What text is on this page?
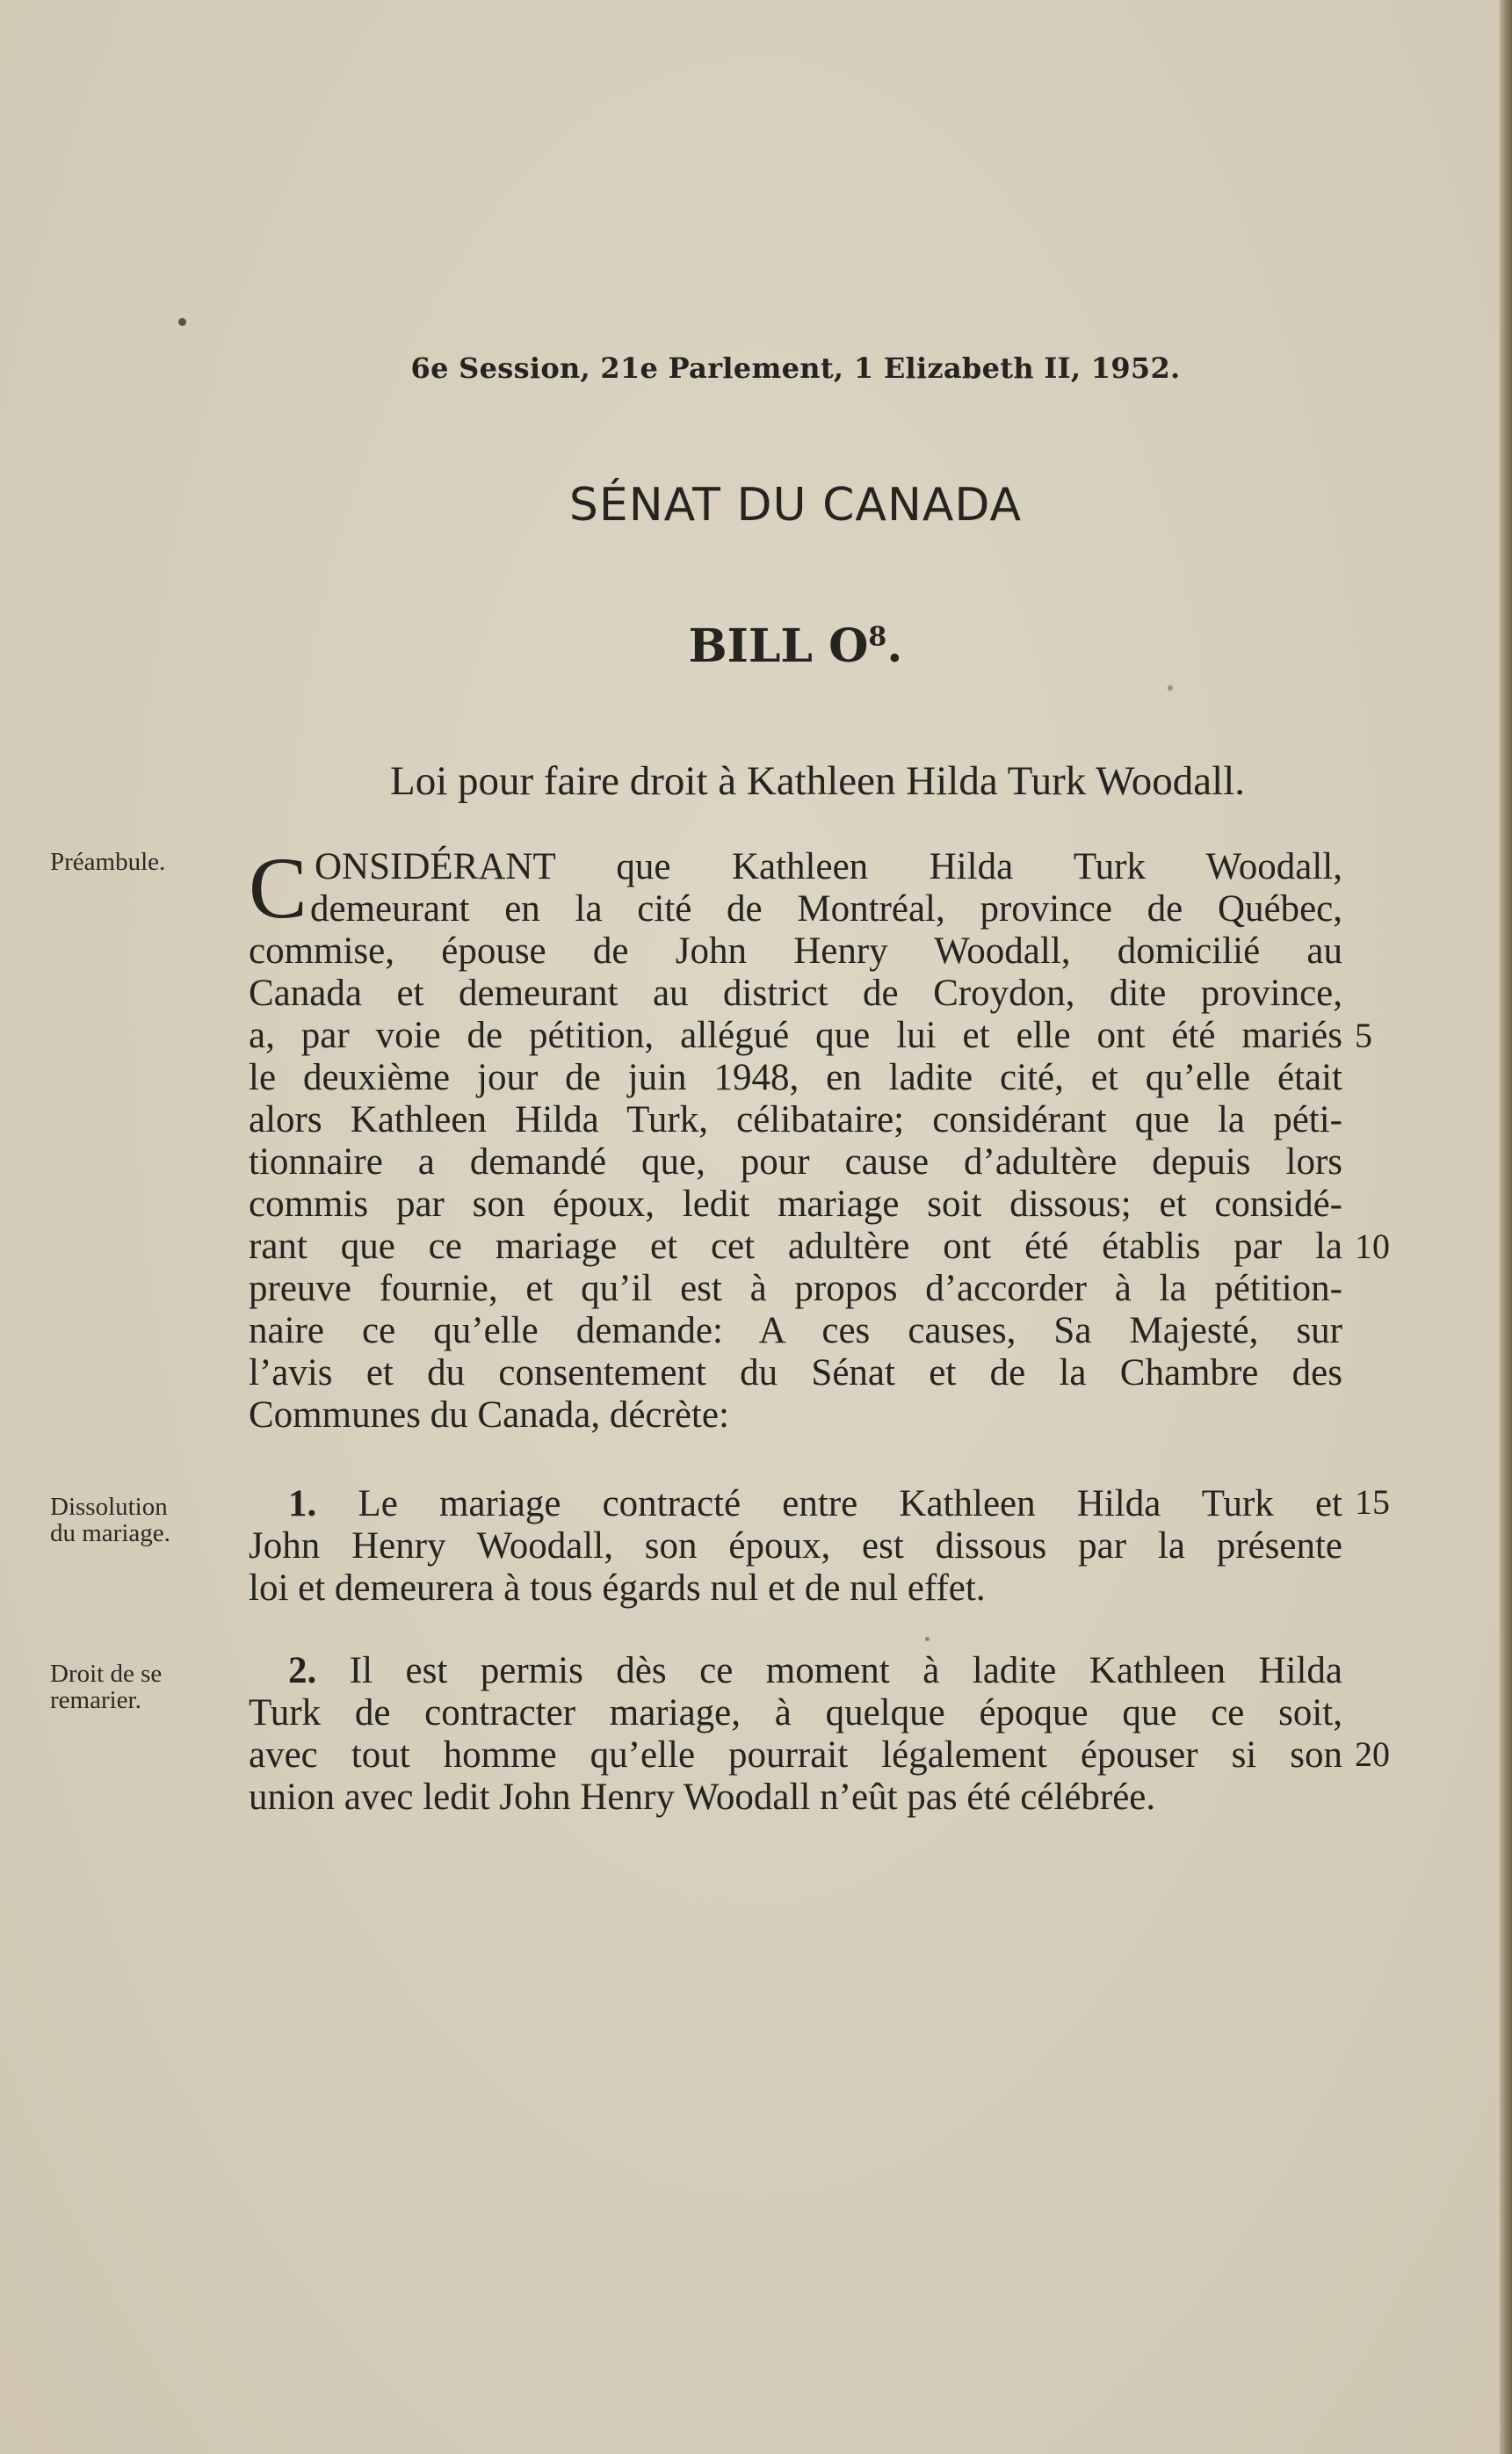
6e Session, 21e Parlement, 1 Elizabeth II, 1952.
SÉNAT DU CANADA
BILL $O^8$.
Loi pour faire droit à Kathleen Hilda Turk Woodall.
Préambule. C ONSIDÉRANT que Kathleen Hilda Turk Woodall,
demeurant en la cité de Montréal, province de Québec,
commise, épouse de John Henry Woodall, domicilié au
Canada et demeurant au district de Croydon, dite province,
a, par voie de pétition, allégué que lui et elle ont été mariés
le deuxième jour de juin 1948, en ladite cité, et qu’elle était
alors Kathleen Hilda Turk, célibataire; considérant que la péti-
tionnaire a demandé que, pour cause d’adultère depuis lors
commis par son époux, ledit mariage soit dissous; et considé-
rant que ce mariage et cet adultère ont été établis par la
preuve fournie, et qu’il est à propos d’accorder à la pétition-
naire ce qu’elle demande: A ces causes, Sa Majesté, sur
l’avis et du consentement du Sénat et de la Chambre des
Communes du Canada, décrète:
5
10
Dissolution
du mariage.
1. Le mariage contracté entre Kathleen Hilda Turk et
John Henry Woodall, son époux, est dissous par la présente
loi et demeurera à tous égards nul et de nul effet.
15
Droit de se
remarier.
2. Il est permis dès ce moment à ladite Kathleen Hilda
Turk de contracter mariage, à quelque époque que ce soit,
avec tout homme qu’elle pourrait légalement épouser si son
union avec ledit John Henry Woodall n’eût pas été célébrée.
20
